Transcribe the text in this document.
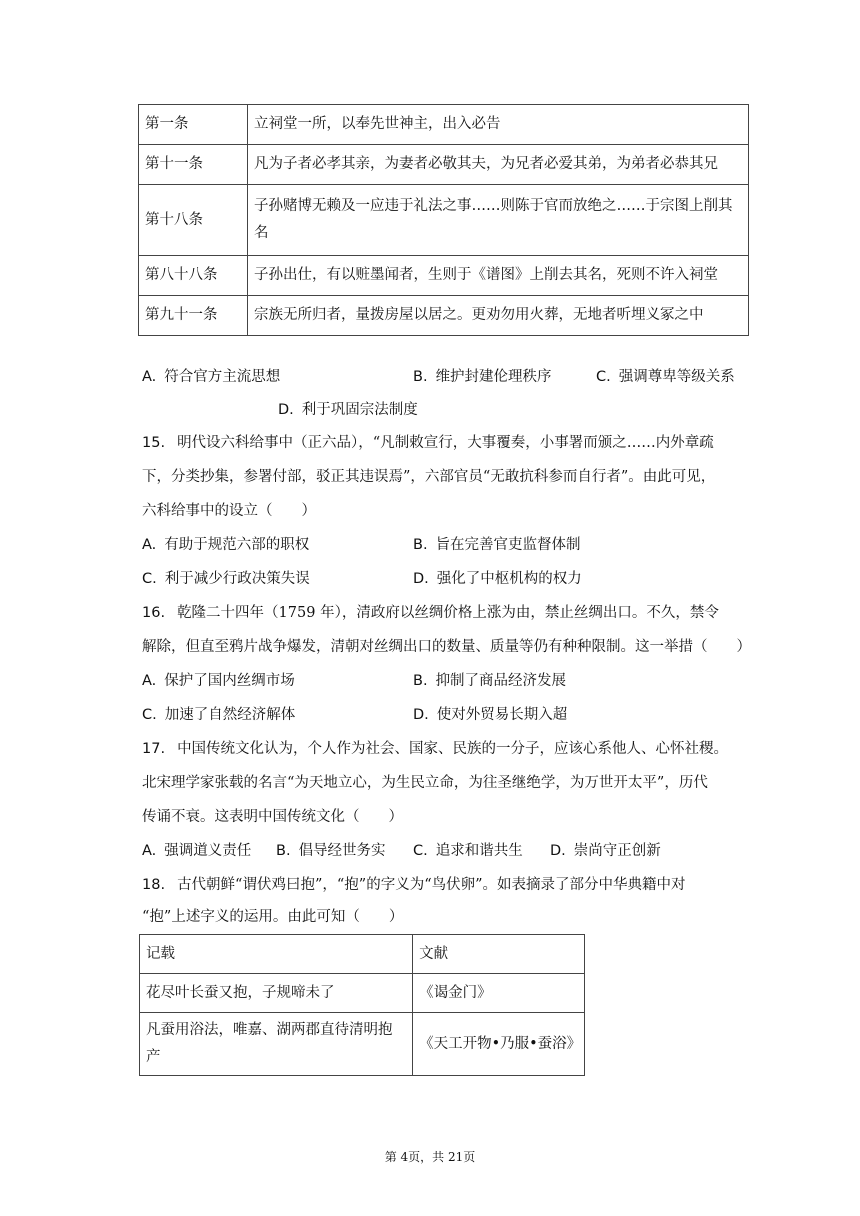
第一条	立祠堂一所，以奉先世神主，出入必告
第十一条	凡为子者必孝其亲，为妻者必敬其夫，为兄者必爱其弟，为弟者必恭其兄
第十八条	子孙赌博无赖及一应违于礼法之事……则陈于官而放绝之……于宗图上削其
名

第八十八条	子孙出仕，有以赃墨闻者，生则于《谱图》上削去其名，死则不许入祠堂
第九十一条	宗族无所归者，量拨房屋以居之。更劝勿用火葬，无地者听埋义冢之中
A. 符合官方主流思想	B. 维护封建伦理秩序	C. 强调尊卑等级关系
D. 利于巩固宗法制度
15. 明代设六科给事中（正六品），“凡制敕宣行，大事覆奏，小事署而颁之……内外章疏
下，分类抄集，参署付部，驳正其违误焉”，六部官员“无敢抗科参而自行者”。由此可见，
六科给事中的设立（　　）
A. 有助于规范六部的职权	B. 旨在完善官吏监督体制
C. 利于减少行政决策失误	D. 强化了中枢机构的权力
16. 乾隆二十四年（1759 年），清政府以丝绸价格上涨为由，禁止丝绸出口。不久，禁令
解除，但直至鸦片战争爆发，清朝对丝绸出口的数量、质量等仍有种种限制。这一举措（　　）
A. 保护了国内丝绸市场	B. 抑制了商品经济发展
C. 加速了自然经济解体	D. 使对外贸易长期入超
17. 中国传统文化认为，个人作为社会、国家、民族的一分子，应该心系他人、心怀社稷。
北宋理学家张载的名言“为天地立心，为生民立命，为往圣继绝学，为万世开太平”，历代
传诵不衰。这表明中国传统文化（　　）
A. 强调道义责任 B. 倡导经世务实 C. 追求和谐共生 D. 崇尚守正创新
18. 古代朝鲜“谓伏鸡曰抱”，“抱”的字义为“鸟伏卵”。如表摘录了部分中华典籍中对
“抱”上述字义的运用。由此可知（　　）
记载	文献
花尽叶长蚕又抱，子规啼未了	《谒金门》
凡蚕用浴法，唯嘉、湖两郡直待清明抱产	《天工开物•乃服•蚕浴》
第 4页，共 21页
